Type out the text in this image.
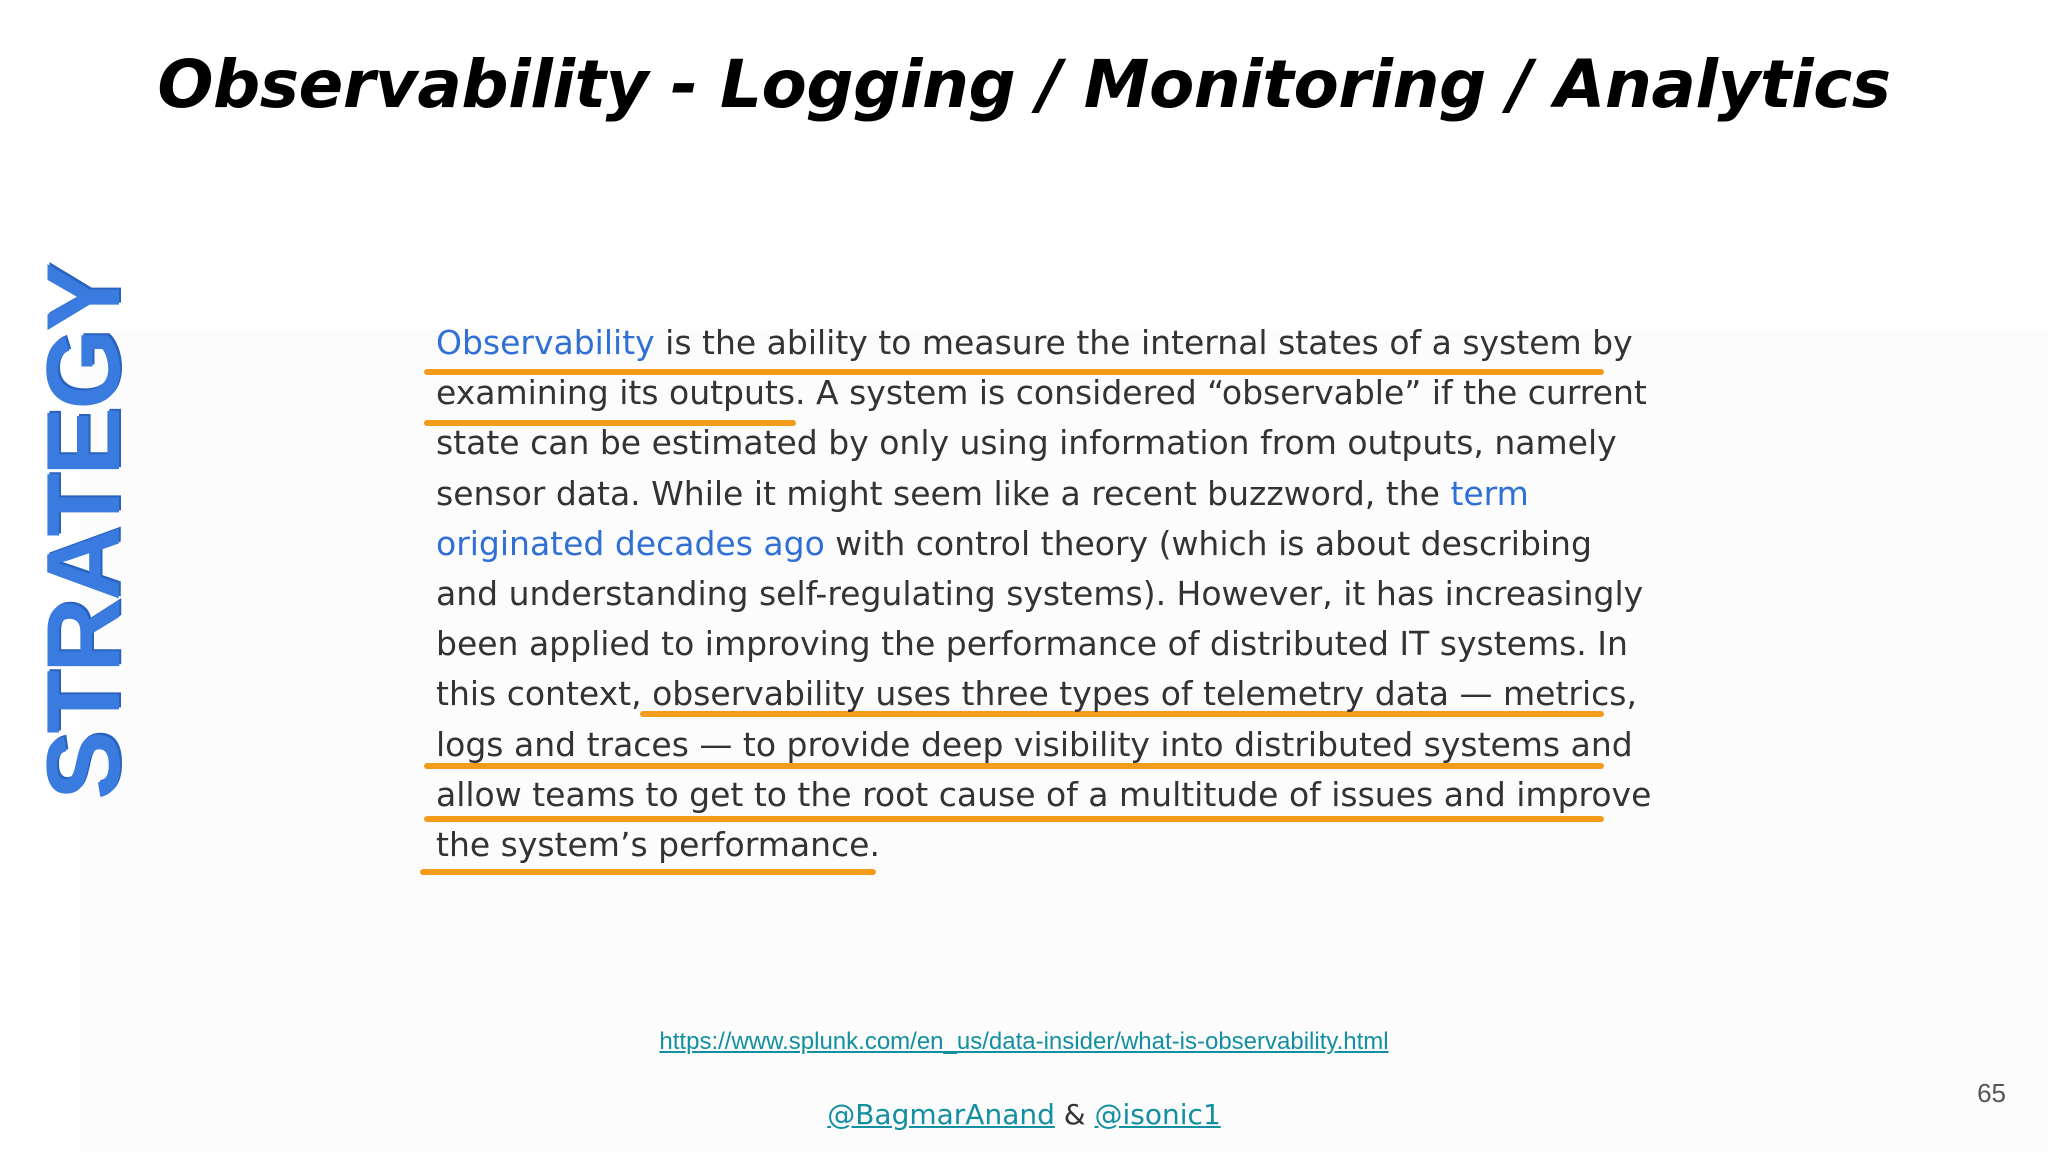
Observability - Logging / Monitoring / Analytics
STRATEGY	Observability is the ability to measure the internal states of a system by
examining its outputs. A system is considered “observable” if the current
state can be estimated by only using information from outputs, namely
sensor data. While it might seem like a recent buzzword, the term
originated decades ago with control theory (which is about describing
and understanding self-regulating systems). However, it has increasingly
been applied to improving the performance of distributed IT systems. In
this context, observability uses three types of telemetry data — metrics,
logs and traces — to provide deep visibility into distributed systems and
allow teams to get to the root cause of a multitude of issues and improve
the system’s performance.
https://www.splunk.com/en_us/data-insider/what-is-observability.html
@BagmarAnand & @isonic1
65
